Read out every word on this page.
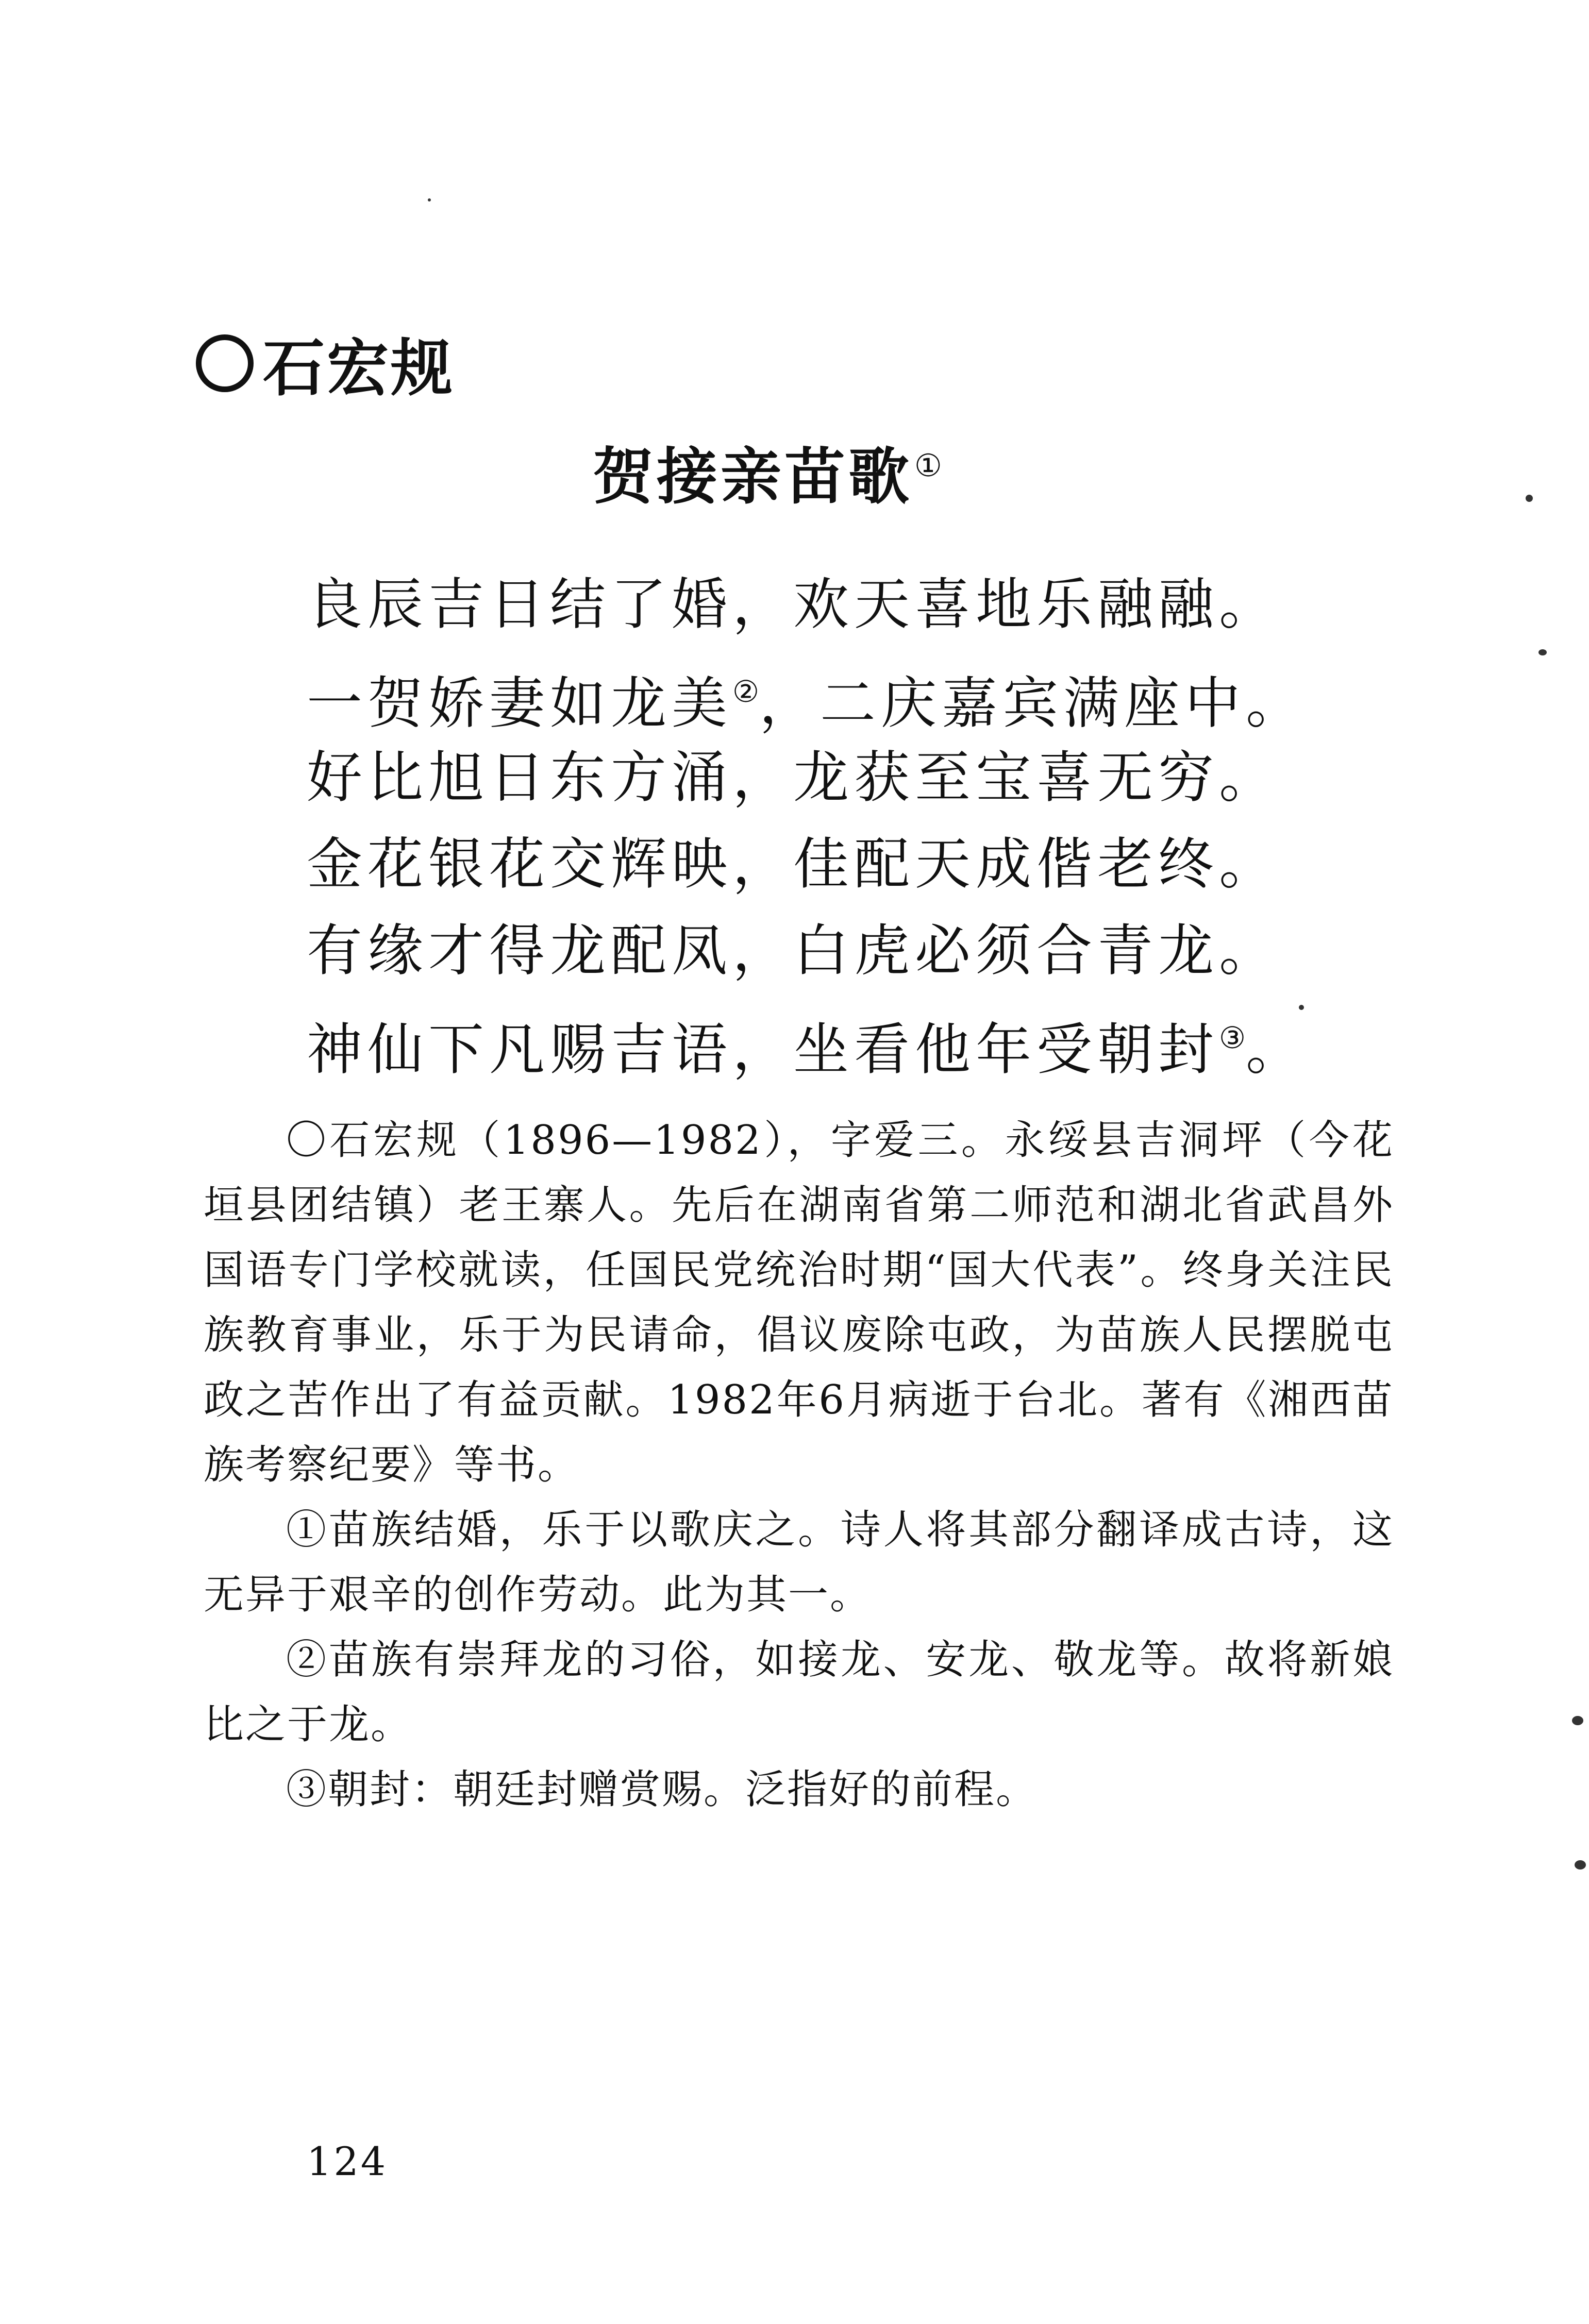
石宏规
贺接亲苗歌①
良辰吉日结了婚，欢天喜地乐融融。
一贺娇妻如龙美②，二庆嘉宾满座中。
好比旭日东方涌，龙获至宝喜无穷。
金花银花交辉映，佳配天成偕老终。
有缘才得龙配凤，白虎必须合青龙。
神仙下凡赐吉语，坐看他年受朝封③。

〇石宏规（1896—1982），字爱三。永绥县吉洞坪（今花垣县团结镇）老王寨人。先后在湖南省第二师范和湖北省武昌外国语专门学校就读，任国民党统治时期“国大代表”。终身关注民族教育事业，乐于为民请命，倡议废除屯政，为苗族人民摆脱屯政之苦作出了有益贡献。1982年6月病逝于台北。著有《湘西苗族考察纪要》等书。

①苗族结婚，乐于以歌庆之。诗人将其部分翻译成古诗，这无异于艰辛的创作劳动。此为其一。

②苗族有崇拜龙的习俗，如接龙、安龙、敬龙等。故将新娘比之于龙。

③朝封：朝廷封赠赏赐。泛指好的前程。

124
